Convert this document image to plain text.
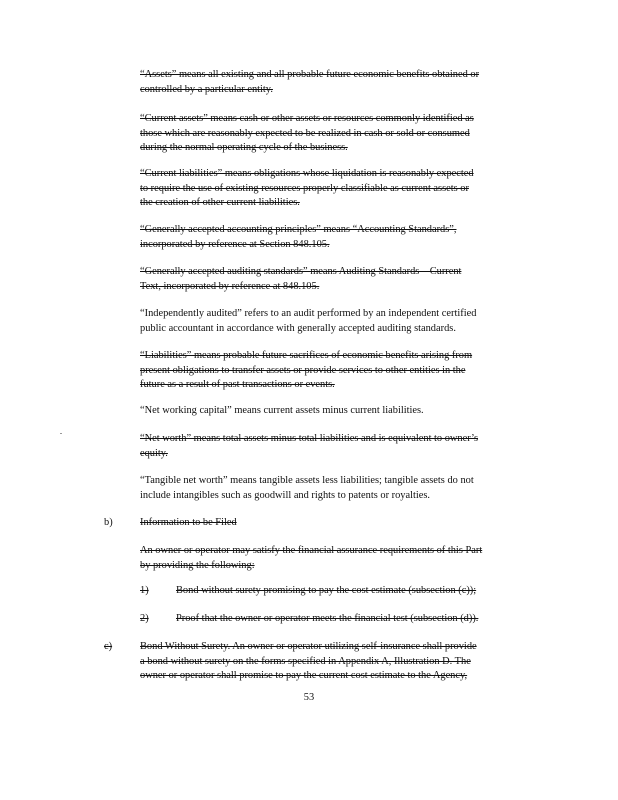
“Assets” means all existing and all probable future economic benefits obtained or
controlled by a particular entity.

“Current assets” means cash or other assets or resources commonly identified as
those which are reasonably expected to be realized in cash or sold or consumed
during the normal operating cycle of the business.

“Current liabilities” means obligations whose liquidation is reasonably expected
to require the use of existing resources properly classifiable as current assets or
the creation of other current liabilities.

“Generally accepted accounting principles” means “Accounting Standards”,
incorporated by reference at Section 848.105.

“Generally accepted auditing standards” means Auditing Standards – Current
Text, incorporated by reference at 848.105.

“Independently audited” refers to an audit performed by an independent certified
public accountant in accordance with generally accepted auditing standards.

“Liabilities” means probable future sacrifices of economic benefits arising from
present obligations to transfer assets or provide services to other entities in the
future as a result of past transactions or events.

“Net working capital” means current assets minus current liabilities.

“Net worth” means total assets minus total liabilities and is equivalent to owner’s
equity.

“Tangible net worth” means tangible assets less liabilities; tangible assets do not
include intangibles such as goodwill and rights to patents or royalties.

b)	Information to be Filed

An owner or operator may satisfy the financial assurance requirements of this Part
by providing the following:

1)	Bond without surety promising to pay the cost estimate (subsection (c));
2)	Proof that the owner or operator meets the financial test (subsection (d)).
c)	Bond Without Surety. An owner or operator utilizing self-insurance shall provide
a bond without surety on the forms specified in Appendix A, Illustration D. The
owner or operator shall promise to pay the current cost estimate to the Agency,

53
